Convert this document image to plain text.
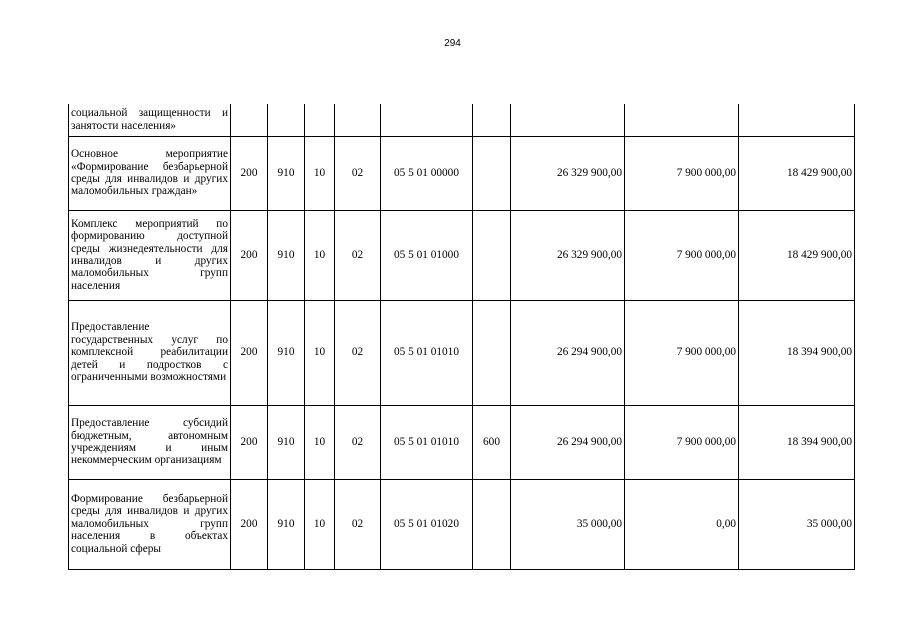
294
социальной защищенности и занятости населения»									
Основное мероприятие «Формирование безбарьерной среды для инвалидов и других маломобильных граждан»	200	910	10	02	05 5 01 00000		26 329 900,00	7 900 000,00	18 429 900,00
Комплекс мероприятий по формированию доступной среды жизнедеятельности для инвалидов и других маломобильных групп населения	200	910	10	02	05 5 01 01000		26 329 900,00	7 900 000,00	18 429 900,00
Предоставление государственных услуг по комплексной реабилитации детей и подростков с ограниченными возможностями	200	910	10	02	05 5 01 01010		26 294 900,00	7 900 000,00	18 394 900,00
Предоставление субсидий бюджетным, автономным учреждениям и иным некоммерческим организациям	200	910	10	02	05 5 01 01010	600	26 294 900,00	7 900 000,00	18 394 900,00
Формирование безбарьерной среды для инвалидов и других маломобильных групп населения в объектах социальной сферы	200	910	10	02	05 5 01 01020		35 000,00	0,00	35 000,00
